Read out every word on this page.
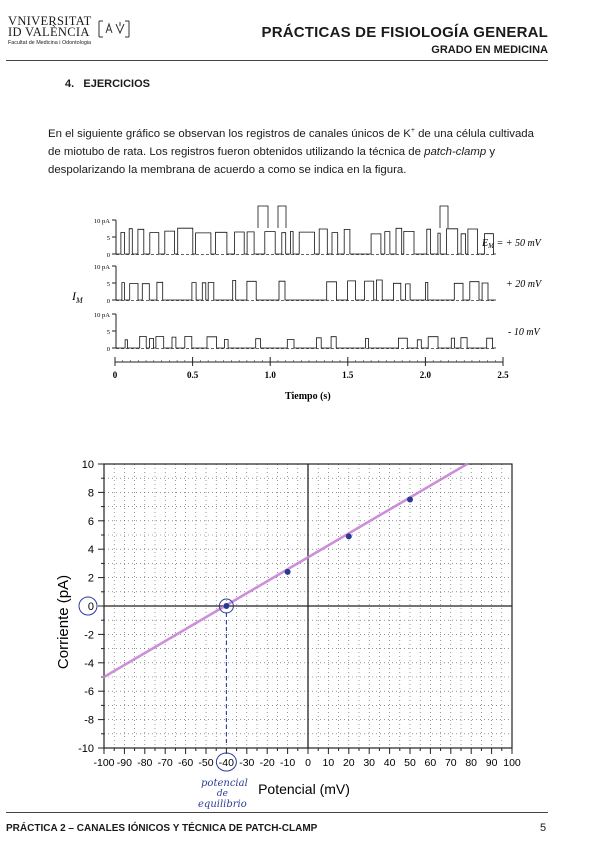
VNIVERSITAT
ID VALÈNCIA
Facultat de Medicina i Odontologia
PRÁCTICAS DE FISIOLOGÍA GENERAL
GRADO EN MEDICINA
4. EJERCICIOS
En el siguiente gráfico se observan los registros de canales únicos de K+ de una célula cultivada de miotubo de rata. Los registros fueron obtenidos utilizando la técnica de patch-clamp y despolarizando la membrana de acuerdo a como se indica en la figura.
10 pA
5
0
10 pA
5
0
10 pA
5
0
$I_M$
$E_M$ = + 50 mV
+ 20 mV
- 10 mV
0	0.5	1.0	1.5	2.0	2.5
Tiempo (s)
10
8
6
4
2
0
-2
-4
-6
-8
-10
-100 -90 -80 -70 -60 -50 -40 -30 -20 -10 0 10 20 30 40 50 60 70 80 90 100
potencial
de
equilibrio
Corriente (pA)
Potencial (mV)
PRÁCTICA 2 – CANALES IÓNICOS Y TÉCNICA DE PATCH-CLAMP	5
